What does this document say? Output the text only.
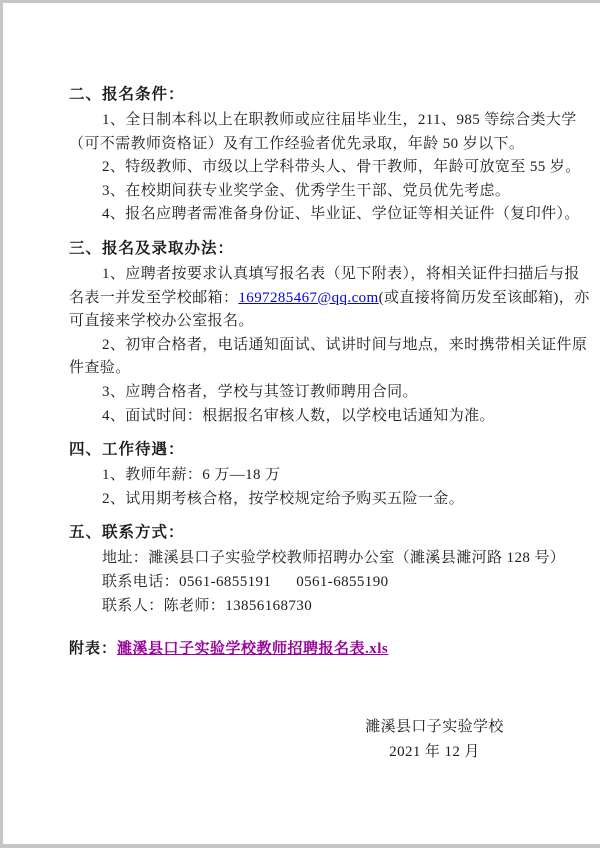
二、报名条件：
1、全日制本科以上在职教师或应往届毕业生，211、985 等综合类大学
（可不需教师资格证）及有工作经验者优先录取，年龄 50 岁以下。
2、特级教师、市级以上学科带头人、骨干教师，年龄可放宽至 55 岁。
3、在校期间获专业奖学金、优秀学生干部、党员优先考虑。
4、报名应聘者需准备身份证、毕业证、学位证等相关证件（复印件）。
三、报名及录取办法：
1、应聘者按要求认真填写报名表（见下附表），将相关证件扫描后与报
名表一并发至学校邮箱：1697285467@qq.com(或直接将简历发至该邮箱)，亦
可直接来学校办公室报名。
2、初审合格者，电话通知面试、试讲时间与地点，来时携带相关证件原
件查验。
3、应聘合格者，学校与其签订教师聘用合同。
4、面试时间：根据报名审核人数，以学校电话通知为准。
四、工作待遇：
1、教师年薪：6 万—18 万
2、试用期考核合格，按学校规定给予购买五险一金。
五、联系方式：
地址：濉溪县口子实验学校教师招聘办公室（濉溪县濉河路 128 号）
联系电话：0561-6855191      0561-6855190
联系人：陈老师：13856168730
附表：濉溪县口子实验学校教师招聘报名表.xls
濉溪县口子实验学校
2021 年 12 月
